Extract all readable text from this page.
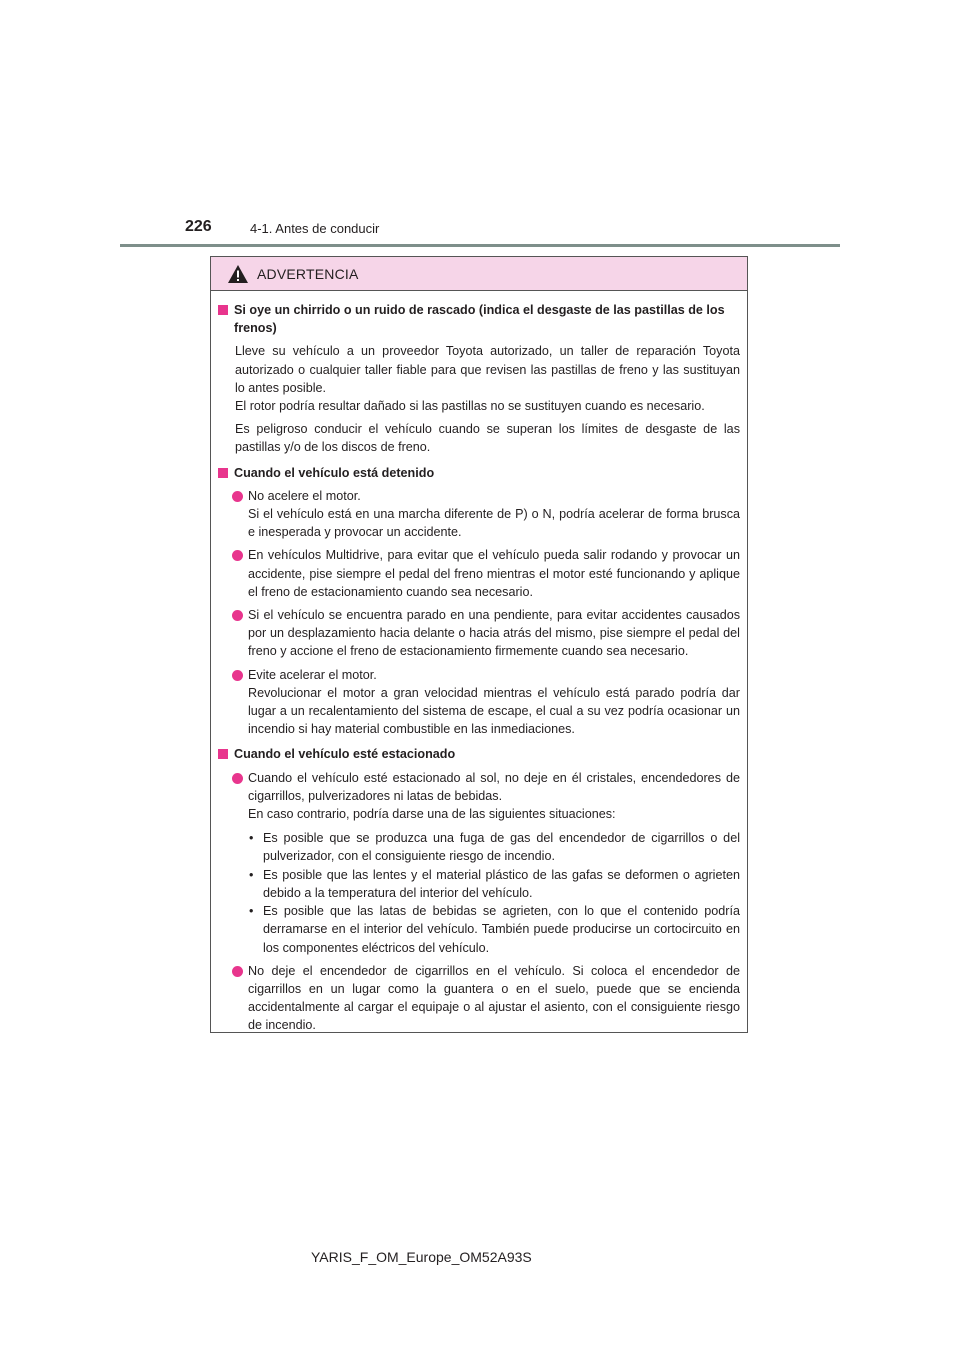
226	4-1. Antes de conducir
ADVERTENCIA
Si oye un chirrido o un ruido de rascado (indica el desgaste de las pastillas de los frenos)
Lleve su vehículo a un proveedor Toyota autorizado, un taller de reparación Toyota autorizado o cualquier taller fiable para que revisen las pastillas de freno y las sustituyan lo antes posible.
El rotor podría resultar dañado si las pastillas no se sustituyen cuando es necesario.
Es peligroso conducir el vehículo cuando se superan los límites de desgaste de las pastillas y/o de los discos de freno.
Cuando el vehículo está detenido
No acelere el motor.
Si el vehículo está en una marcha diferente de P) o N, podría acelerar de forma brusca e inesperada y provocar un accidente.
En vehículos Multidrive, para evitar que el vehículo pueda salir rodando y provocar un accidente, pise siempre el pedal del freno mientras el motor esté funcionando y aplique el freno de estacionamiento cuando sea necesario.
Si el vehículo se encuentra parado en una pendiente, para evitar accidentes causados por un desplazamiento hacia delante o hacia atrás del mismo, pise siempre el pedal del freno y accione el freno de estacionamiento firmemente cuando sea necesario.
Evite acelerar el motor.
Revolucionar el motor a gran velocidad mientras el vehículo está parado podría dar lugar a un recalentamiento del sistema de escape, el cual a su vez podría ocasionar un incendio si hay material combustible en las inmediaciones.
Cuando el vehículo esté estacionado
Cuando el vehículo esté estacionado al sol, no deje en él cristales, encendedores de cigarrillos, pulverizadores ni latas de bebidas.
En caso contrario, podría darse una de las siguientes situaciones:
• Es posible que se produzca una fuga de gas del encendedor de cigarrillos o del pulverizador, con el consiguiente riesgo de incendio.
• Es posible que las lentes y el material plástico de las gafas se deformen o agrieten debido a la temperatura del interior del vehículo.
• Es posible que las latas de bebidas se agrieten, con lo que el contenido podría derramarse en el interior del vehículo. También puede producirse un cortocircuito en los componentes eléctricos del vehículo.
No deje el encendedor de cigarrillos en el vehículo. Si coloca el encendedor de cigarrillos en un lugar como la guantera o en el suelo, puede que se encienda accidentalmente al cargar el equipaje o al ajustar el asiento, con el consiguiente riesgo de incendio.
YARIS_F_OM_Europe_OM52A93S
